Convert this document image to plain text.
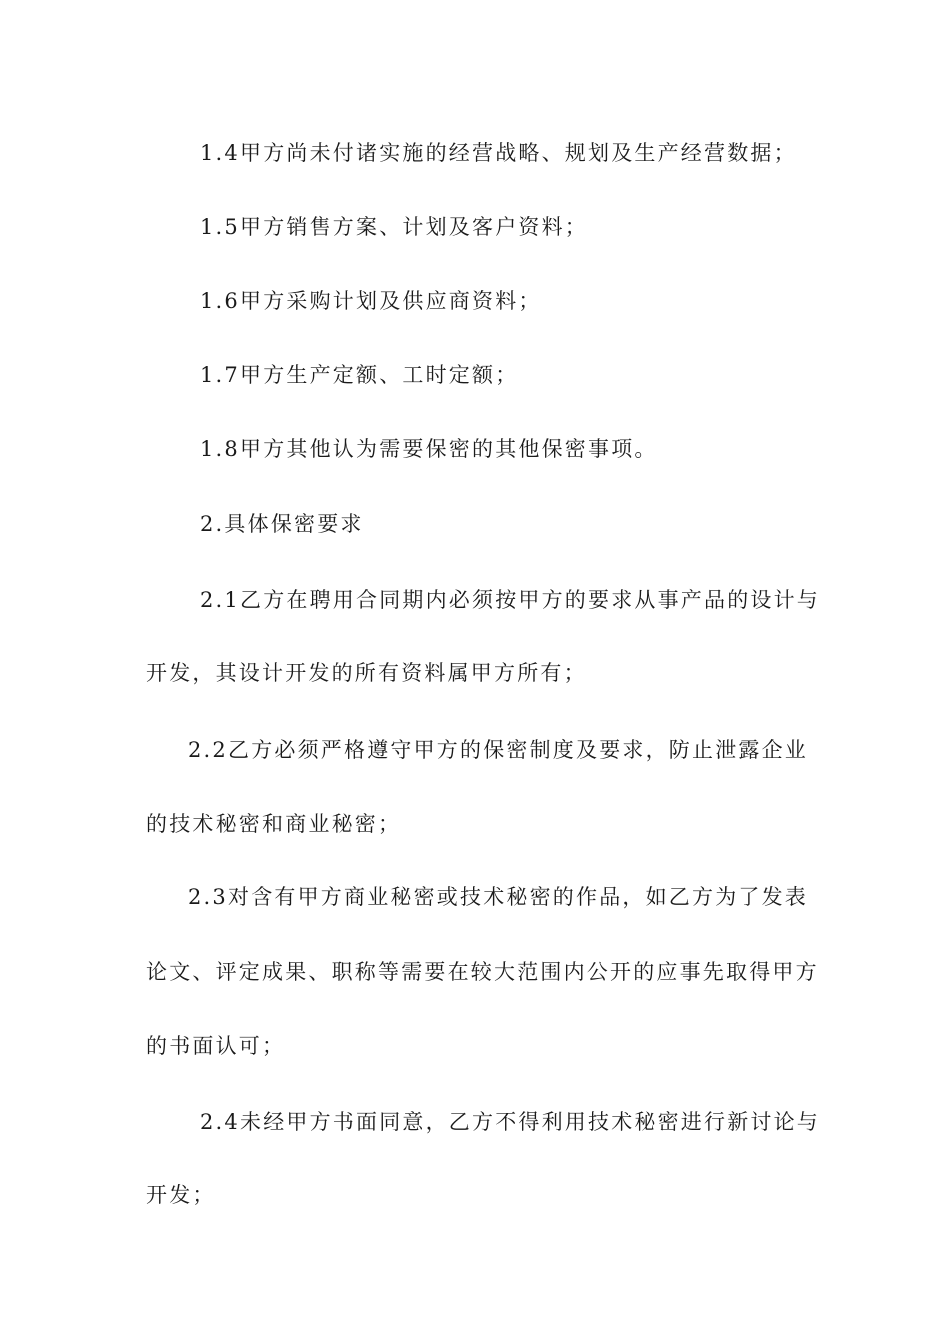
1.4甲方尚未付诸实施的经营战略、规划及生产经营数据；
1.5甲方销售方案、计划及客户资料；
1.6甲方采购计划及供应商资料；
1.7甲方生产定额、工时定额；
1.8甲方其他认为需要保密的其他保密事项。
2.具体保密要求
2.1乙方在聘用合同期内必须按甲方的要求从事产品的设计与
开发，其设计开发的所有资料属甲方所有；
2.2乙方必须严格遵守甲方的保密制度及要求，防止泄露企业
的技术秘密和商业秘密；
2.3对含有甲方商业秘密或技术秘密的作品，如乙方为了发表
论文、评定成果、职称等需要在较大范围内公开的应事先取得甲方
的书面认可；
2.4未经甲方书面同意，乙方不得利用技术秘密进行新讨论与
开发；
